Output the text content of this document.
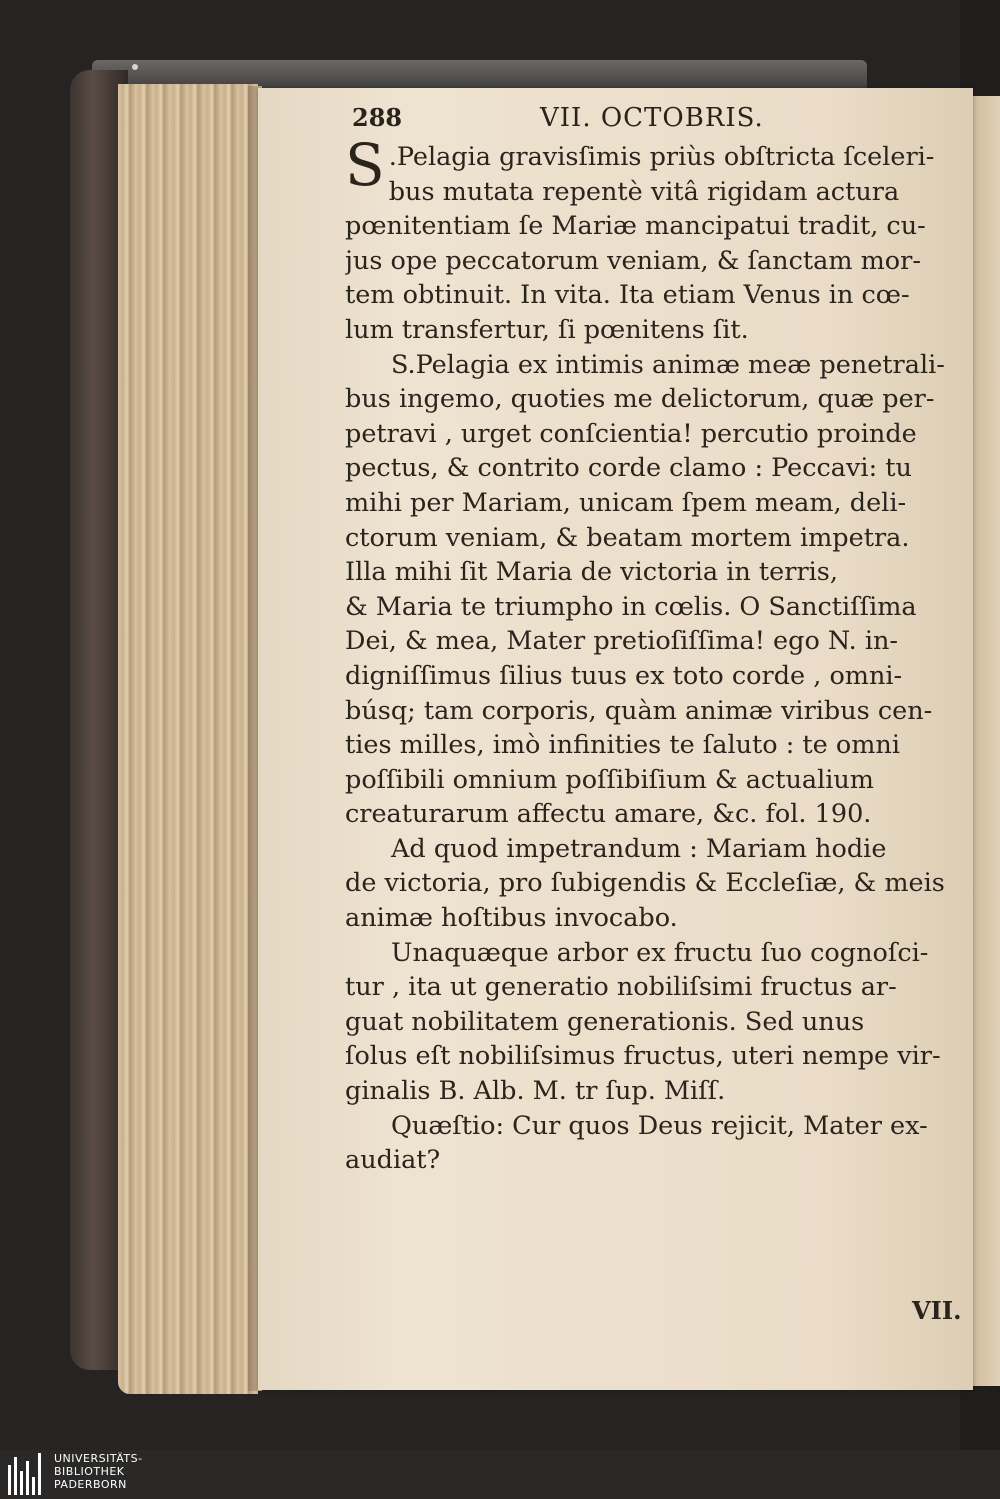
288	VII. OCTOBRIS.
S .Pelagia gravisſimis priùs obſtricta ſceleri-
bus mutata repentè vitâ rigidam actura
pœnitentiam ſe Mariæ mancipatui tradit, cu-
jus ope peccatorum veniam, & ſanctam mor-
tem obtinuit. In vita. Ita etiam Venus in cœ-
lum transfertur, ſi pœnitens ſit.
S.Pelagia ex intimis animæ meæ penetrali-
bus ingemo, quoties me delictorum, quæ per-
petravi , urget conſcientia! percutio proinde
pectus, & contrito corde clamo : Peccavi: tu
mihi per Mariam, unicam ſpem meam, deli-
ctorum veniam, & beatam mortem impetra.
Illa mihi ſit Maria de victoria in terris,
& Maria te triumpho in cœlis. O Sanctiſſima
Dei, & mea, Mater pretioſiſſima! ego N. in-
digniſſimus ſilius tuus ex toto corde , omni-
búsq; tam corporis, quàm animæ viribus cen-
ties milles, imò infinities te ſaluto : te omni
poſſibili omnium poſſibiſium & actualium
creaturarum affectu amare, &c. fol. 190.
Ad quod impetrandum : Mariam hodie
de victoria, pro ſubigendis & Eccleſiæ, & meis
animæ hoſtibus invocabo.
Unaquæque arbor ex fructu ſuo cognoſci-
tur , ita ut generatio nobiliſsimi fructus ar-
guat nobilitatem generationis. Sed unus
ſolus eſt nobiliſsimus fructus, uteri nempe vir-
ginalis B. Alb. M. tr ſup. Miſſ.
Quæſtio: Cur quos Deus rejicit, Mater ex-
audiat?
VII.
UNIVERSITÄTS-
BIBLIOTHEK
PADERBORN
